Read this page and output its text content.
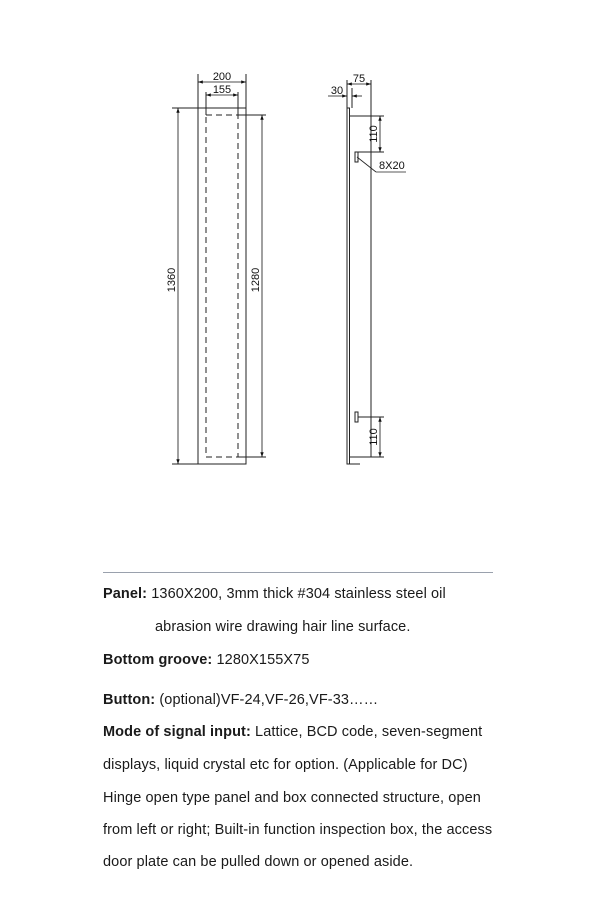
200
155
1360	1280
75
30
110
8X20
110
Panel: 1360X200, 3mm thick #304 stainless steel oil
abrasion wire drawing hair line surface.
Bottom groove: 1280X155X75
Button: (optional)VF-24,VF-26,VF-33……
Mode of signal input: Lattice, BCD code, seven-segment
displays, liquid crystal etc for option. (Applicable for DC)
Hinge open type panel and box connected structure, open
from left or right; Built-in function inspection box, the access
door plate can be pulled down or opened aside.
